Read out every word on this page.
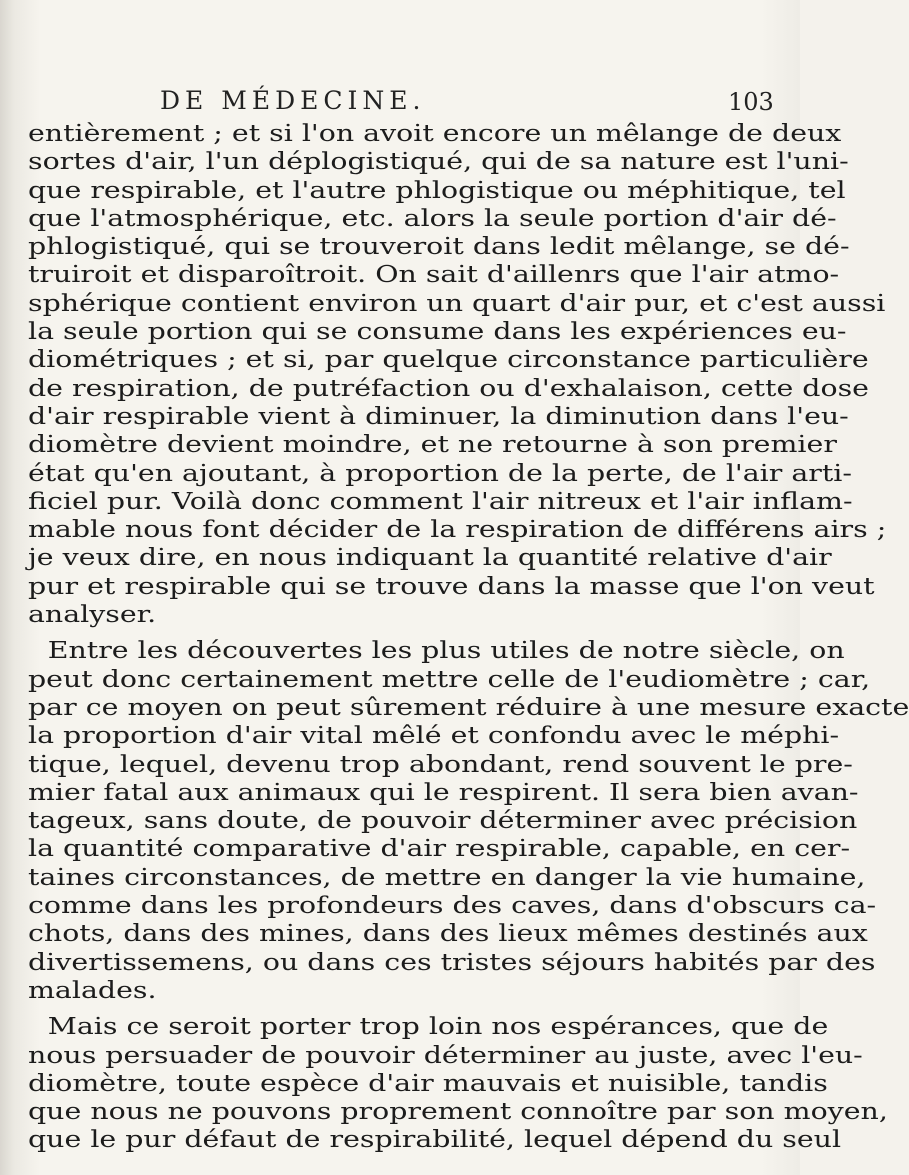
DE MÉDECINE.	103
entièrement ; et si l'on avoit encore un mêlange de deux
sortes d'air, l'un déplogistiqué, qui de sa nature est l'uni-
que respirable, et l'autre phlogistique ou méphitique, tel
que l'atmosphérique, etc. alors la seule portion d'air dé-
phlogistiqué, qui se trouveroit dans ledit mêlange, se dé-
truiroit et disparoîtroit. On sait d'aillenrs que l'air atmo-
sphérique contient environ un quart d'air pur, et c'est aussi
la seule portion qui se consume dans les expériences eu-
diométriques ; et si, par quelque circonstance particulière
de respiration, de putréfaction ou d'exhalaison, cette dose
d'air respirable vient à diminuer, la diminution dans l'eu-
diomètre devient moindre, et ne retourne à son premier
état qu'en ajoutant, à proportion de la perte, de l'air arti-
ficiel pur. Voilà donc comment l'air nitreux et l'air inflam-
mable nous font décider de la respiration de différens airs ;
je veux dire, en nous indiquant la quantité relative d'air
pur et respirable qui se trouve dans la masse que l'on veut
analyser.
Entre les découvertes les plus utiles de notre siècle, on
peut donc certainement mettre celle de l'eudiomètre ; car,
par ce moyen on peut sûrement réduire à une mesure exacte
la proportion d'air vital mêlé et confondu avec le méphi-
tique, lequel, devenu trop abondant, rend souvent le pre-
mier fatal aux animaux qui le respirent. Il sera bien avan-
tageux, sans doute, de pouvoir déterminer avec précision
la quantité comparative d'air respirable, capable, en cer-
taines circonstances, de mettre en danger la vie humaine,
comme dans les profondeurs des caves, dans d'obscurs ca-
chots, dans des mines, dans des lieux mêmes destinés aux
divertissemens, ou dans ces tristes séjours habités par des
malades.
Mais ce seroit porter trop loin nos espérances, que de
nous persuader de pouvoir déterminer au juste, avec l'eu-
diomètre, toute espèce d'air mauvais et nuisible, tandis
que nous ne pouvons proprement connoître par son moyen,
que le pur défaut de respirabilité, lequel dépend du seul
